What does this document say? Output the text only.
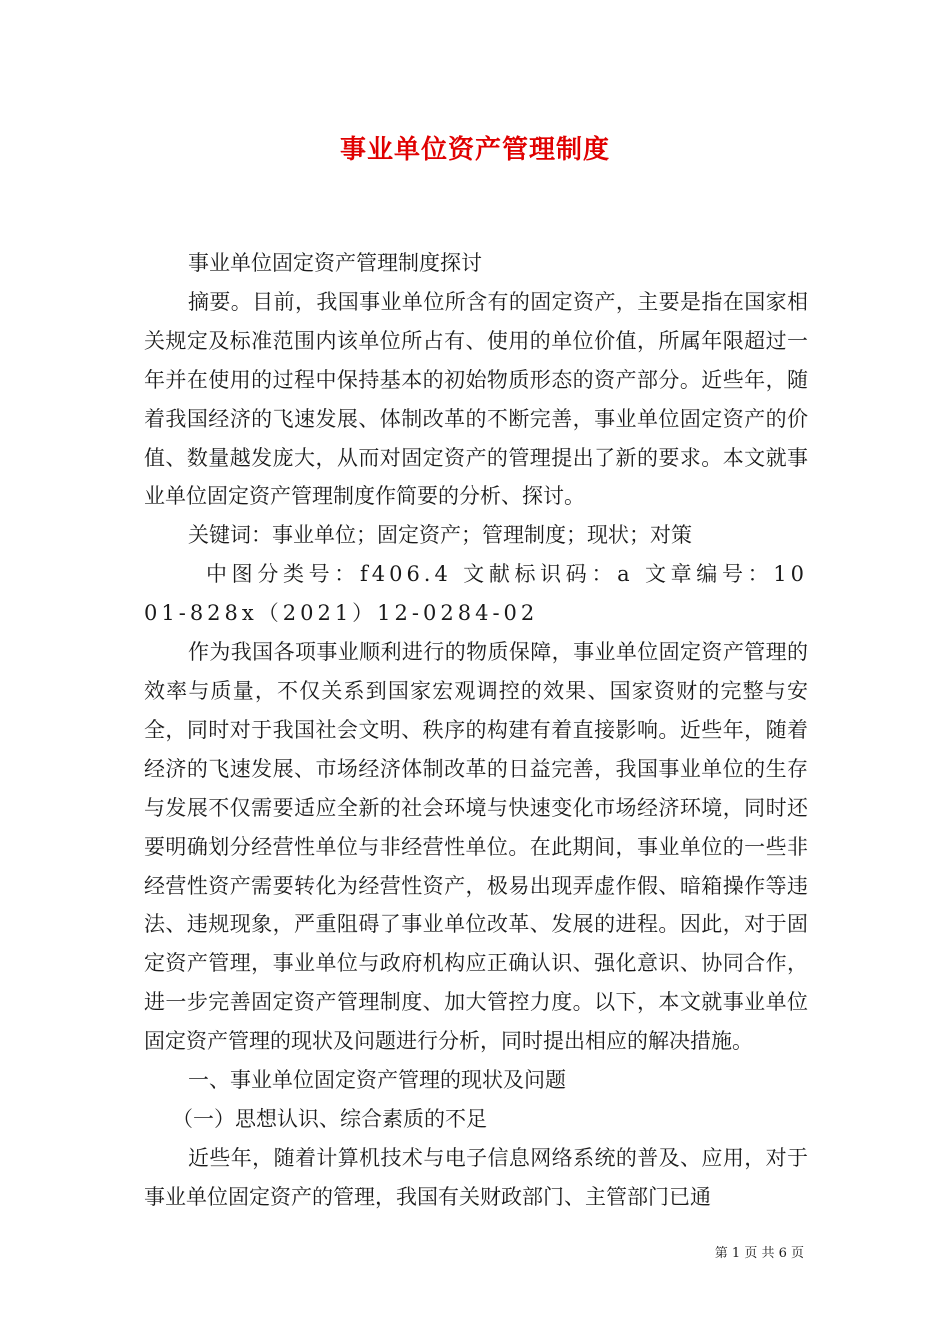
事业单位资产管理制度

事业单位固定资产管理制度探讨

摘要。目前，我国事业单位所含有的固定资产，主要是指在国家相关规定及标准范围内该单位所占有、使用的单位价值，所属年限超过一年并在使用的过程中保持基本的初始物质形态的资产部分。近些年，随着我国经济的飞速发展、体制改革的不断完善，事业单位固定资产的价值、数量越发庞大，从而对固定资产的管理提出了新的要求。本文就事业单位固定资产管理制度作简要的分析、探讨。

关键词：事业单位；固定资产；管理制度；现状；对策

中图分类号：f406.4 文献标识码：a 文章编号：1001-828x（2021）12-0284-02

作为我国各项事业顺利进行的物质保障，事业单位固定资产管理的效率与质量，不仅关系到国家宏观调控的效果、国家资财的完整与安全，同时对于我国社会文明、秩序的构建有着直接影响。近些年，随着经济的飞速发展、市场经济体制改革的日益完善，我国事业单位的生存与发展不仅需要适应全新的社会环境与快速变化市场经济环境，同时还要明确划分经营性单位与非经营性单位。在此期间，事业单位的一些非经营性资产需要转化为经营性资产，极易出现弄虚作假、暗箱操作等违法、违规现象，严重阻碍了事业单位改革、发展的进程。因此，对于固定资产管理，事业单位与政府机构应正确认识、强化意识、协同合作，进一步完善固定资产管理制度、加大管控力度。以下，本文就事业单位固定资产管理的现状及问题进行分析，同时提出相应的解决措施。

一、事业单位固定资产管理的现状及问题

（一）思想认识、综合素质的不足

近些年，随着计算机技术与电子信息网络系统的普及、应用，对于事业单位固定资产的管理，我国有关财政部门、主管部门已通

第 1 页 共 6 页
